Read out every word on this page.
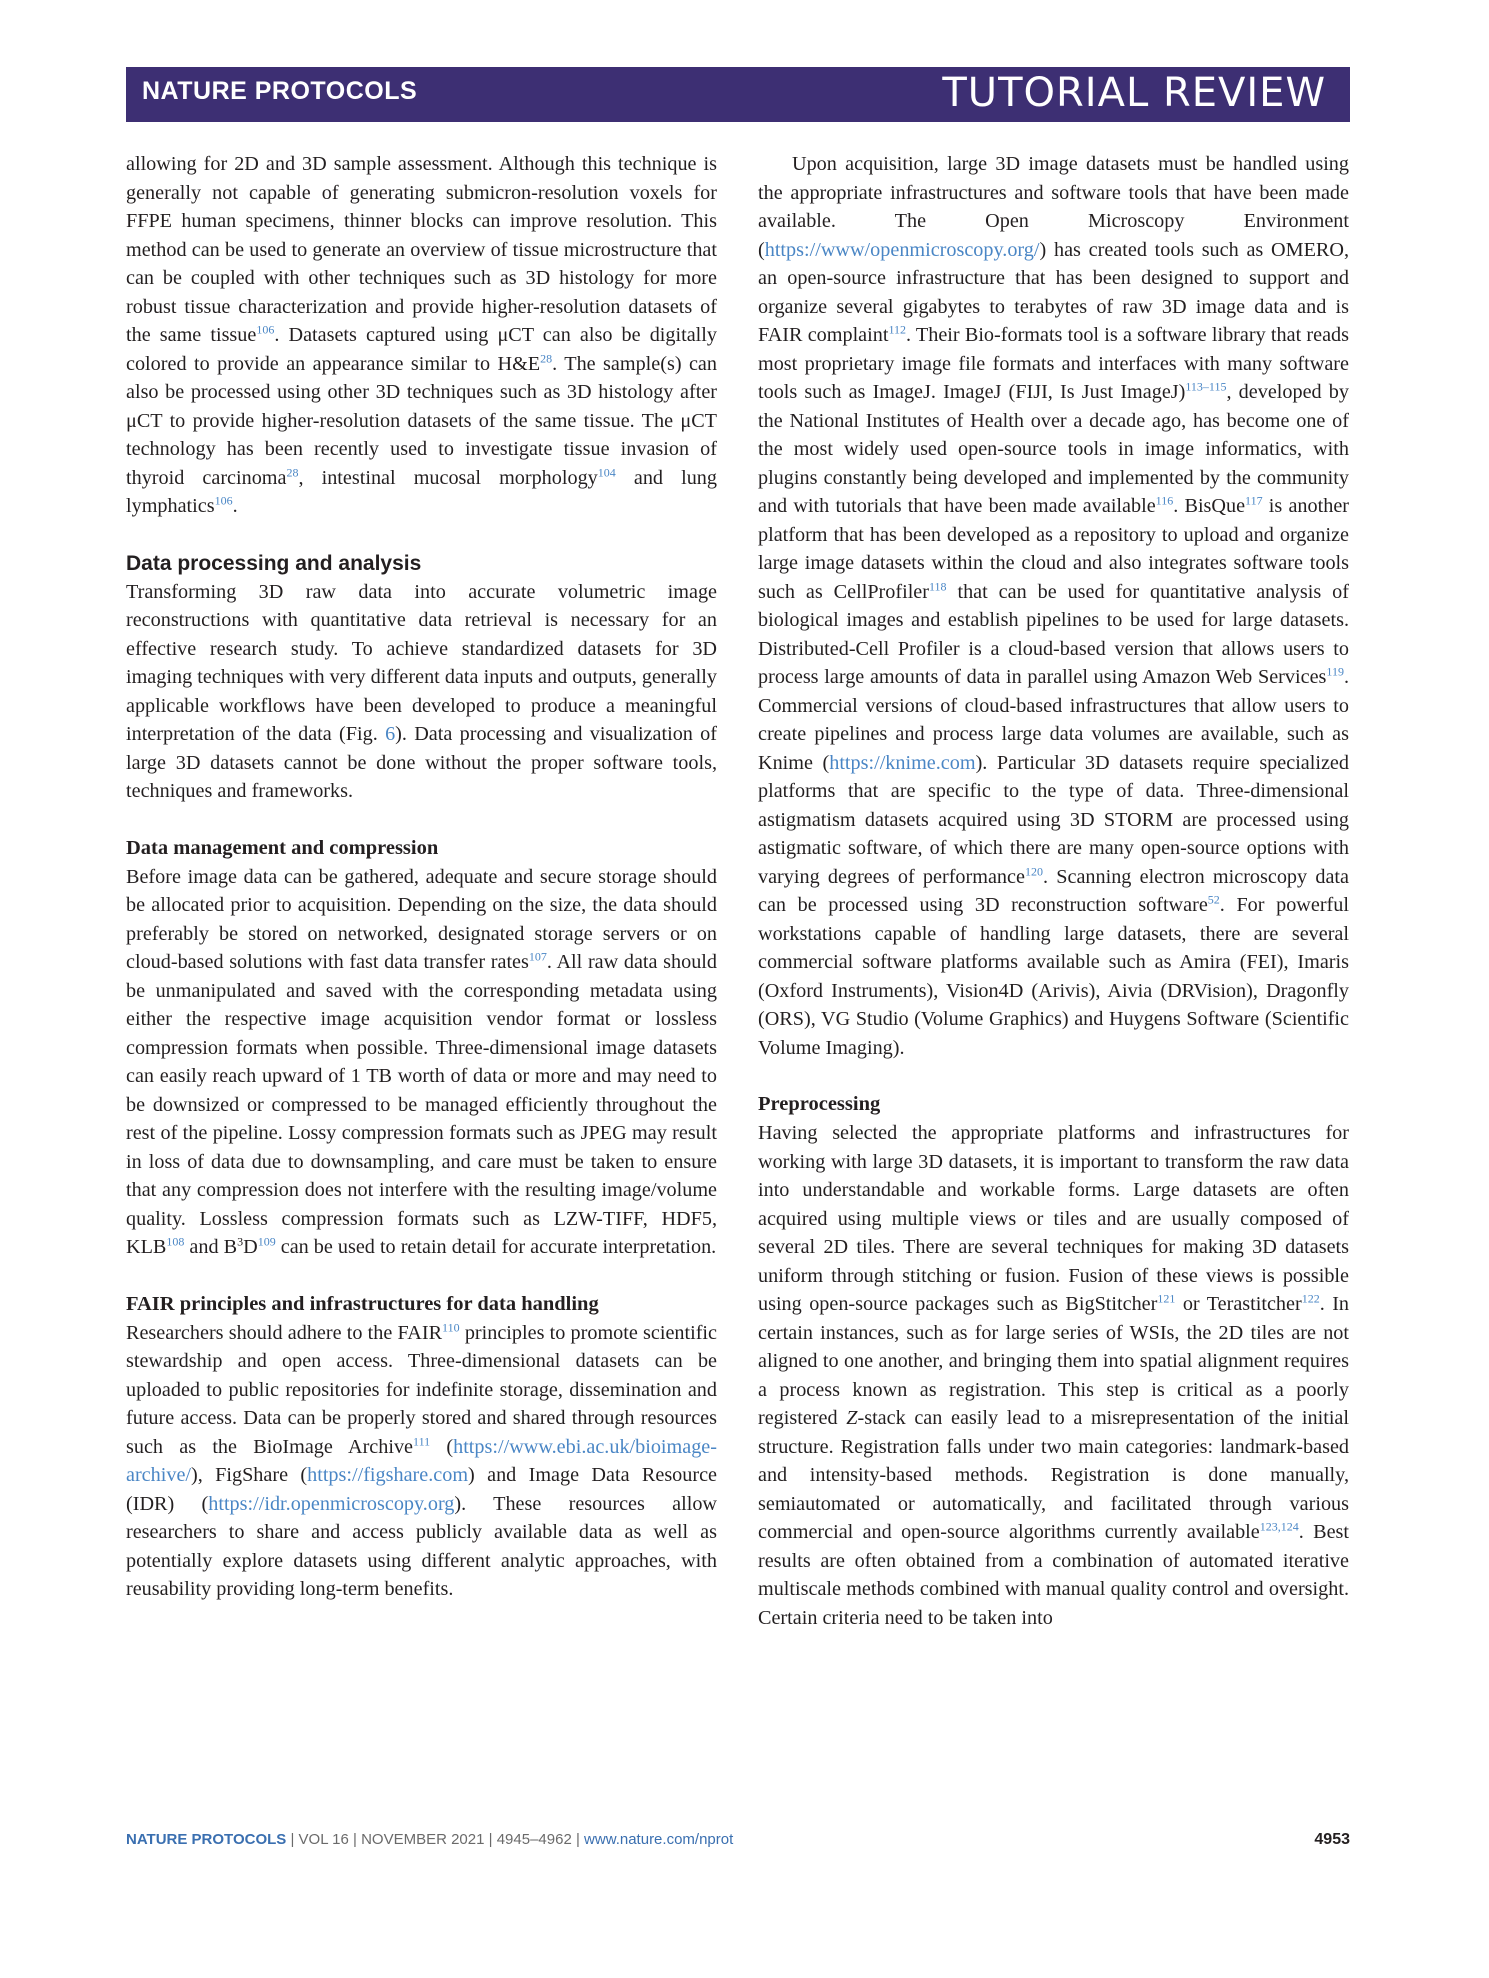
NATURE PROTOCOLS	TUTORIAL REVIEW

allowing for 2D and 3D sample assessment. Although this technique is generally not capable of generating submicron-resolution voxels for FFPE human specimens, thinner blocks can improve resolution. This method can be used to generate an overview of tissue microstructure that can be coupled with other techniques such as 3D histology for more robust tissue characterization and provide higher-resolution datasets of the same tissue$^{106}$. Datasets captured using μCT can also be digitally colored to provide an appearance similar to $H\&E^{28}$. The sample(s) can also be processed using other 3D techniques such as 3D histology after μCT to provide higher-resolution datasets of the same tissue. The μCT technology has been recently used to investigate tissue invasion of thyroid carcinoma$^{28}$, intestinal mucosal morphology$^{104}$ and lung lymphatics$^{106}$.

Data processing and analysis

Transforming 3D raw data into accurate volumetric image reconstructions with quantitative data retrieval is necessary for an effective research study. To achieve standardized datasets for 3D imaging techniques with very different data inputs and outputs, generally applicable workflows have been developed to produce a meaningful interpretation of the data (Fig. 6). Data processing and visualization of large 3D datasets cannot be done without the proper software tools, techniques and frameworks.

Data management and compression

Before image data can be gathered, adequate and secure storage should be allocated prior to acquisition. Depending on the size, the data should preferably be stored on networked, designated storage servers or on cloud-based solutions with fast data transfer rates$^{107}$. All raw data should be unmanipulated and saved with the corresponding metadata using either the respective image acquisition vendor format or lossless compression formats when possible. Three-dimensional image datasets can easily reach upward of 1 TB worth of data or more and may need to be downsized or compressed to be managed efficiently throughout the rest of the pipeline. Lossy compression formats such as JPEG may result in loss of data due to downsampling, and care must be taken to ensure that any compression does not interfere with the resulting image/volume quality. Lossless compression formats such as LZW-TIFF, HDF5, KLB$^{108}$ and $B^3D^{109}$ can be used to retain detail for accurate interpretation.

FAIR principles and infrastructures for data handling

Researchers should adhere to the FAIR$^{110}$ principles to promote scientific stewardship and open access. Three-dimensional datasets can be uploaded to public repositories for indefinite storage, dissemination and future access. Data can be properly stored and shared through resources such as the BioImage Archive$^{111}$ (https://www.ebi.ac.uk/bioimage-archive/), FigShare (https://figshare.com) and Image Data Resource (IDR) (https://idr.openmicroscopy.org). These resources allow researchers to share and access publicly available data as well as potentially explore datasets using different analytic approaches, with reusability providing long-term benefits.

Upon acquisition, large 3D image datasets must be handled using the appropriate infrastructures and software tools that have been made available. The Open Microscopy Environment (https://www/openmicroscopy.org/) has created tools such as OMERO, an open-source infrastructure that has been designed to support and organize several gigabytes to terabytes of raw 3D image data and is FAIR complaint$^{112}$. Their Bio-formats tool is a software library that reads most proprietary image file formats and interfaces with many software tools such as ImageJ. ImageJ (FIJI, Is Just ImageJ)$^{113-115}$, developed by the National Institutes of Health over a decade ago, has become one of the most widely used open-source tools in image informatics, with plugins constantly being developed and implemented by the community and with tutorials that have been made available$^{116}$. BisQue$^{117}$ is another platform that has been developed as a repository to upload and organize large image datasets within the cloud and also integrates software tools such as CellProfiler$^{118}$ that can be used for quantitative analysis of biological images and establish pipelines to be used for large datasets. Distributed-Cell Profiler is a cloud-based version that allows users to process large amounts of data in parallel using Amazon Web Services$^{119}$. Commercial versions of cloud-based infrastructures that allow users to create pipelines and process large data volumes are available, such as Knime (https://knime.com). Particular 3D datasets require specialized platforms that are specific to the type of data. Three-dimensional astigmatism datasets acquired using 3D STORM are processed using astigmatic software, of which there are many open-source options with varying degrees of performance$^{120}$. Scanning electron microscopy data can be processed using 3D reconstruction software$^{52}$. For powerful workstations capable of handling large datasets, there are several commercial software platforms available such as Amira (FEI), Imaris (Oxford Instruments), Vision4D (Arivis), Aivia (DRVision), Dragonfly (ORS), VG Studio (Volume Graphics) and Huygens Software (Scientific Volume Imaging).

Preprocessing

Having selected the appropriate platforms and infrastructures for working with large 3D datasets, it is important to transform the raw data into understandable and workable forms. Large datasets are often acquired using multiple views or tiles and are usually composed of several 2D tiles. There are several techniques for making 3D datasets uniform through stitching or fusion. Fusion of these views is possible using open-source packages such as BigStitcher$^{121}$ or Terastitcher$^{122}$. In certain instances, such as for large series of WSIs, the 2D tiles are not aligned to one another, and bringing them into spatial alignment requires a process known as registration. This step is critical as a poorly registered Z-stack can easily lead to a misrepresentation of the initial structure. Registration falls under two main categories: landmark-based and intensity-based methods. Registration is done manually, semiautomated or automatically, and facilitated through various commercial and open-source algorithms currently available$^{123,124}$. Best results are often obtained from a combination of automated iterative multiscale methods combined with manual quality control and oversight. Certain criteria need to be taken into

NATURE PROTOCOLS | VOL 16 | NOVEMBER 2021 | 4945–4962 | www.nature.com/nprot	4953
